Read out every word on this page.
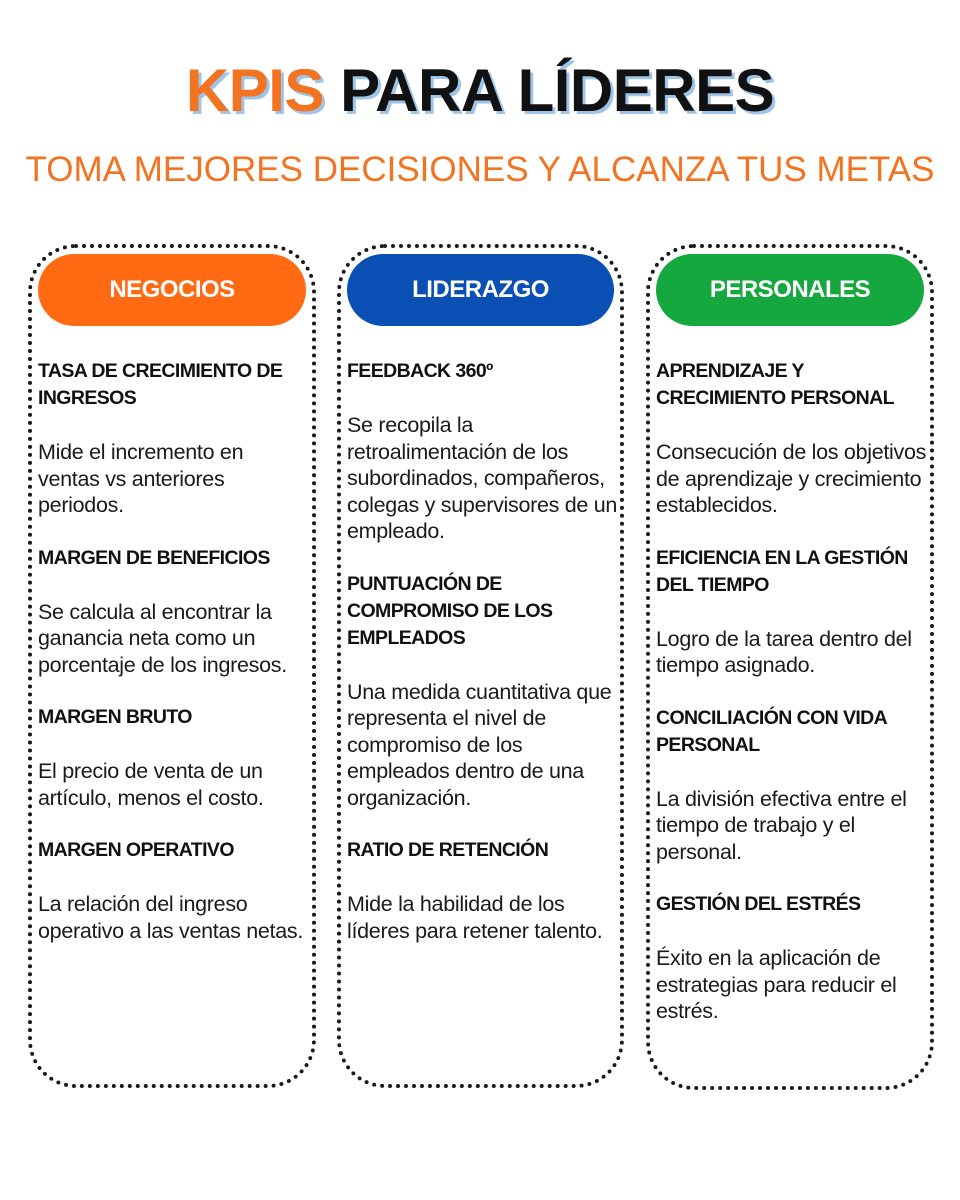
KPIS PARA LÍDERES

TOMA MEJORES DECISIONES Y ALCANZA TUS METAS

NEGOCIOS

TASA DE CRECIMIENTO DE INGRESOS

Mide el incremento en ventas vs anteriores periodos.

MARGEN DE BENEFICIOS

Se calcula al encontrar la ganancia neta como un porcentaje de los ingresos.

MARGEN BRUTO

El precio de venta de un artículo, menos el costo.

MARGEN OPERATIVO

La relación del ingreso operativo a las ventas netas.

LIDERAZGO

FEEDBACK 360º

Se recopila la retroalimentación de los subordinados, compañeros, colegas y supervisores de un empleado.

PUNTUACIÓN DE COMPROMISO DE LOS EMPLEADOS

Una medida cuantitativa que representa el nivel de compromiso de los empleados dentro de una organización.

RATIO DE RETENCIÓN

Mide la habilidad de los líderes para retener talento.

PERSONALES

APRENDIZAJE Y CRECIMIENTO PERSONAL

Consecución de los objetivos de aprendizaje y crecimiento establecidos.

EFICIENCIA EN LA GESTIÓN DEL TIEMPO

Logro de la tarea dentro del tiempo asignado.

CONCILIACIÓN CON VIDA PERSONAL

La división efectiva entre el tiempo de trabajo y el personal.

GESTIÓN DEL ESTRÉS

Éxito en la aplicación de estrategias para reducir el estrés.
